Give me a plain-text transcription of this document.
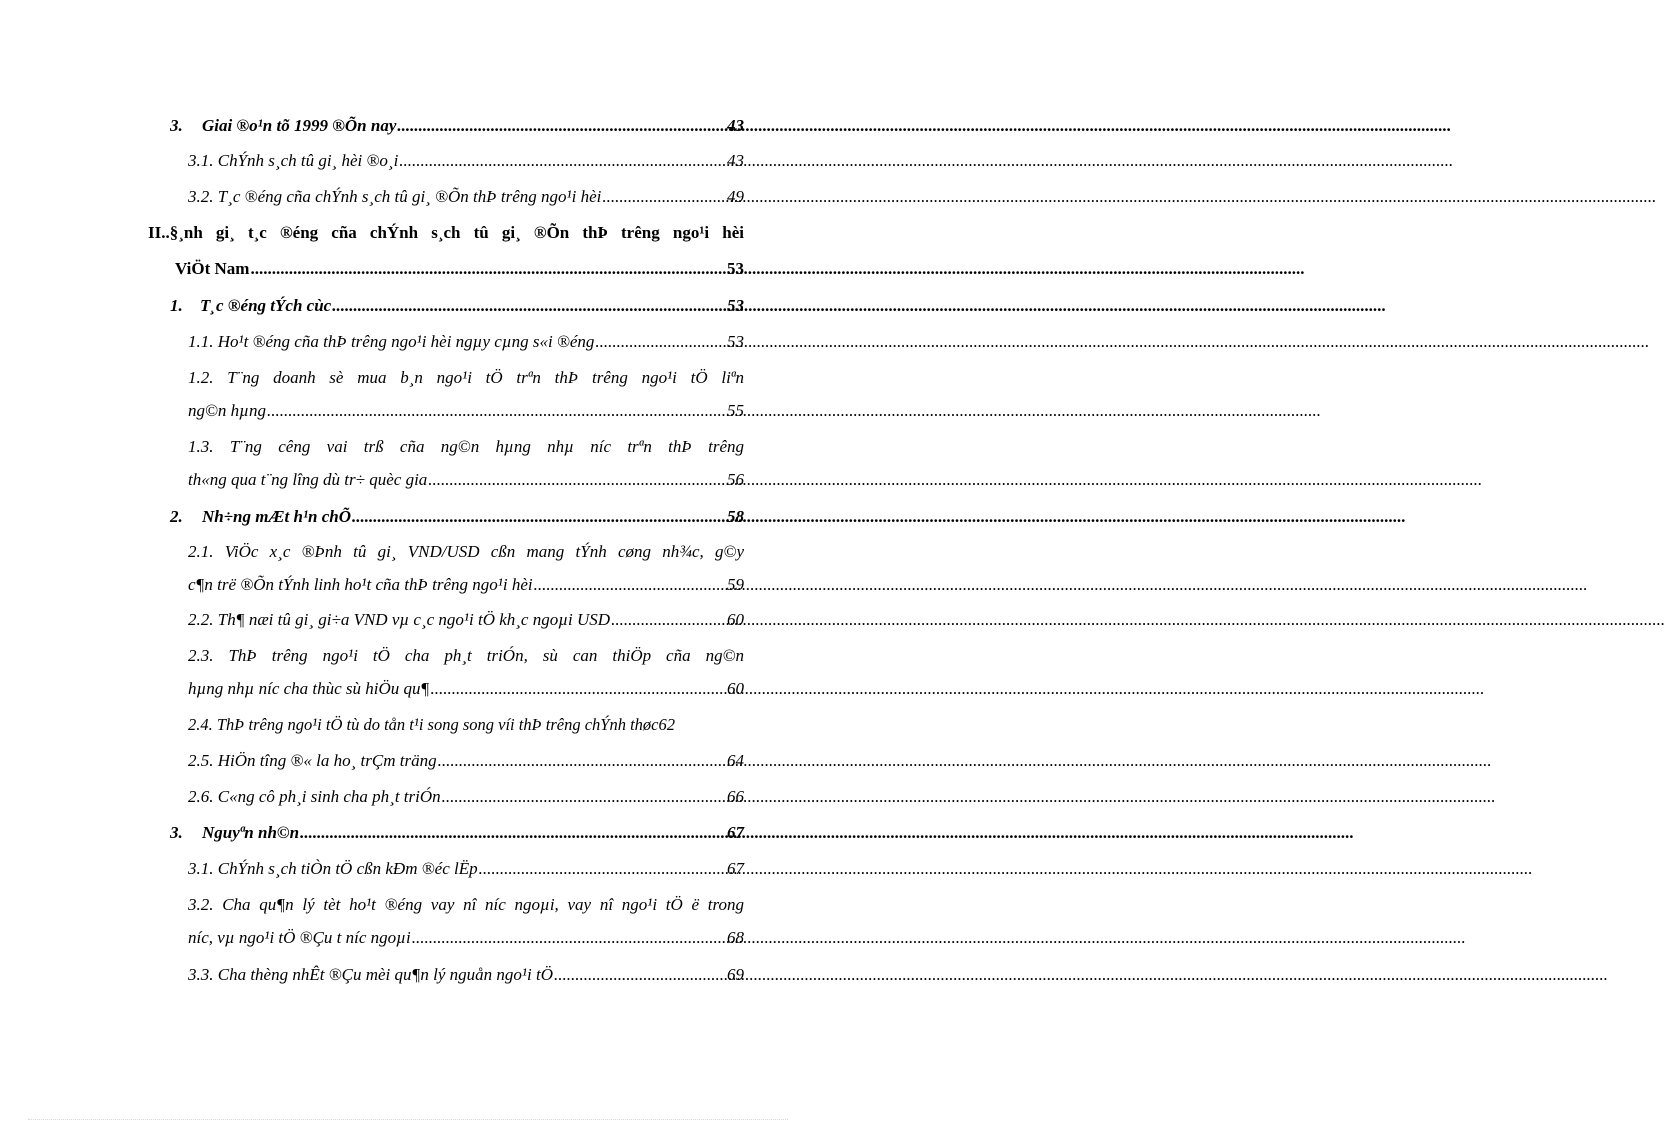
3. Giai ®o¹n tõ 1999 ®Õn nay .....	43
3.1. ChÝnh s¸ch tû gi¸ hèi ®o¸i .....	43
3.2. T¸c ®éng cña chÝnh s¸ch tû gi¸ ®Õn thÞ trêng ngo¹i hèi .....	49
II..§¸nh gi¸ t¸c ®éng cña chÝnh s¸ch tû gi¸ ®Õn thÞ trêng ngo¹i hèi
ViÖt Nam .....	53
1. T¸c ®éng tÝch cùc .....	53
1.1. Ho¹t ®éng cña thÞ trêng ngo¹i hèi ngµy cµng s«i ®éng .....	53
1.2. T¨ng doanh sè mua b¸n ngo¹i tÖ trªn thÞ trêng ngo¹i tÖ liªn
ng©n hµng .....	55
1.3. T¨ng cêng vai trß cña ng©n hµng nhµ níc trªn thÞ trêng
th«ng qua t¨ng lîng dù tr÷ quèc gia .....	56
2. Nh÷ng mÆt h¹n chÕ .....	58
2.1. ViÖc x¸c ®Þnh tû gi¸ VND/USD cßn mang tÝnh cøng nh¾c, g©y
c¶n trë ®Õn tÝnh linh ho¹t cña thÞ trêng ngo¹i hèi .....	59
2.2. Th¶ næi tû gi¸ gi÷a VND vµ c¸c ngo¹i tÖ kh¸c ngoµi USD .....	60
2.3. ThÞ trêng ngo¹i tÖ cha ph¸t triÓn, sù can thiÖp cña ng©n
hµng nhµ níc cha thùc sù hiÖu qu¶ .....	60
2.4. ThÞ trêng ngo¹i tÖ tù do tån t¹i song song víi thÞ trêng chÝnh thøc 62
2.5. HiÖn tîng ®« la ho¸ trÇm träng .....	64
2.6. C«ng cô ph¸i sinh cha ph¸t triÓn .....	66
3. Nguyªn nh©n .....	67
3.1. ChÝnh s¸ch tiÒn tÖ cßn kÐm ®éc lËp .....	67
3.2. Cha qu¶n lý tèt ho¹t ®éng vay nî níc ngoµi, vay nî ngo¹i tÖ ë trong
níc, vµ ngo¹i tÖ ®Çu t níc ngoµi .....	68
3.3. Cha thèng nhÊt ®Çu mèi qu¶n lý nguån ngo¹i tÖ .....	69
